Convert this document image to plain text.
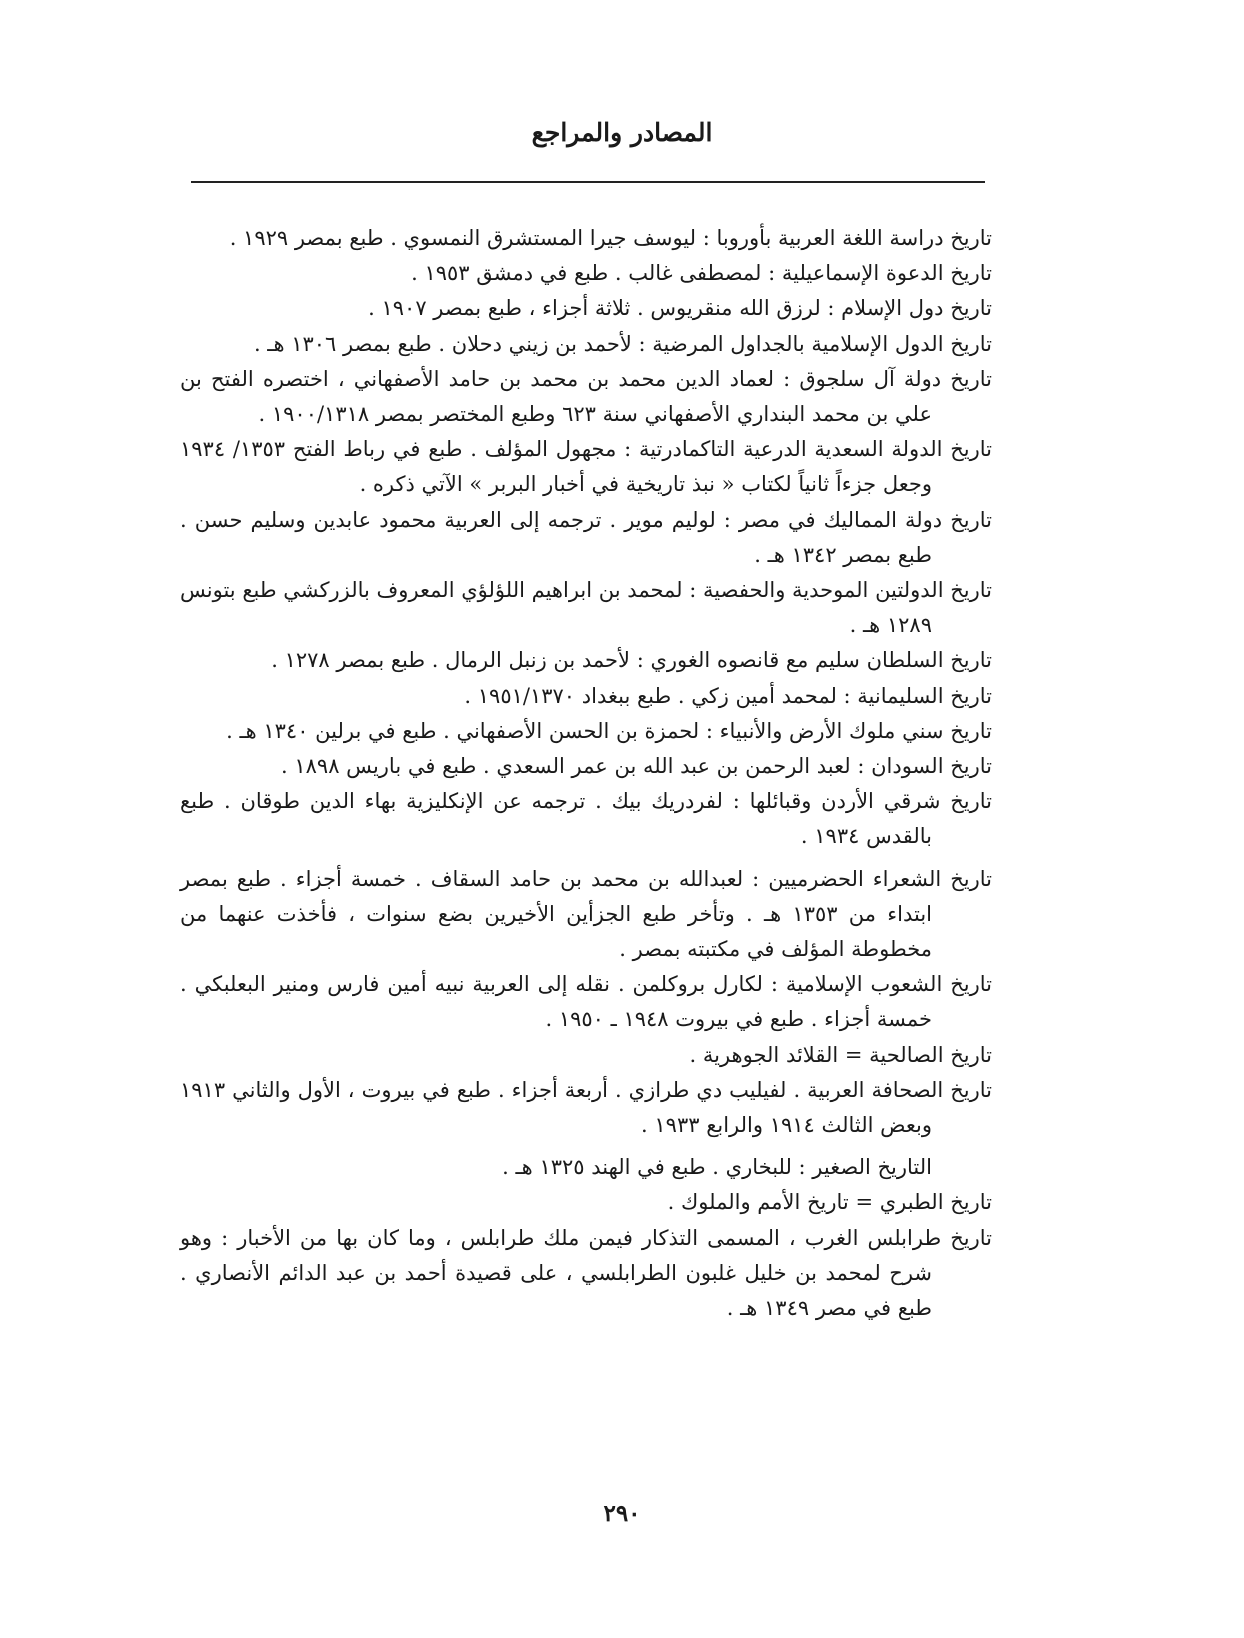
المصادر والمراجع
تاريخ دراسة اللغة العربية بأوروبا : ليوسف جيرا المستشرق النمسوي . طبع بمصر ١٩٢٩ .
تاريخ الدعوة الإسماعيلية : لمصطفى غالب . طبع في دمشق ١٩٥٣ .
تاريخ دول الإسلام : لرزق الله منقريوس . ثلاثة أجزاء ، طبع بمصر ١٩٠٧ .
تاريخ الدول الإسلامية بالجداول المرضية : لأحمد بن زيني دحلان . طبع بمصر ١٣٠٦ هـ .
تاريخ دولة آل سلجوق : لعماد الدين محمد بن محمد بن حامد الأصفهاني ، اختصره الفتح بن علي بن محمد البنداري الأصفهاني سنة ٦٢٣ وطبع المختصر بمصر ١٩٠٠/١٣١٨ .
تاريخ الدولة السعدية الدرعية التاكمادرتية : مجهول المؤلف . طبع في رباط الفتح ١٣٥٣/ ١٩٣٤ وجعل جزءاً ثانياً لكتاب « نبذ تاريخية في أخبار البربر » الآتي ذكره .
تاريخ دولة المماليك في مصر : لوليم موير . ترجمه إلى العربية محمود عابدين وسليم حسن . طبع بمصر ١٣٤٢ هـ .
تاريخ الدولتين الموحدية والحفصية : لمحمد بن ابراهيم اللؤلؤي المعروف بالزركشي طبع بتونس ١٢٨٩ هـ .
تاريخ السلطان سليم مع قانصوه الغوري : لأحمد بن زنبل الرمال . طبع بمصر ١٢٧٨ .
تاريخ السليمانية : لمحمد أمين زكي . طبع ببغداد ١٩٥١/١٣٧٠ .
تاريخ سني ملوك الأرض والأنبياء : لحمزة بن الحسن الأصفهاني . طبع في برلين ١٣٤٠ هـ .
تاريخ السودان : لعبد الرحمن بن عبد الله بن عمر السعدي . طبع في باريس ١٨٩٨ .
تاريخ شرقي الأردن وقبائلها : لفردريك بيك . ترجمه عن الإنكليزية بهاء الدين طوقان . طبع بالقدس ١٩٣٤ .
تاريخ الشعراء الحضرميين : لعبدالله بن محمد بن حامد السقاف . خمسة أجزاء . طبع بمصر ابتداء من ١٣٥٣ هـ . وتأخر طبع الجزأين الأخيرين بضع سنوات ، فأخذت عنهما من مخطوطة المؤلف في مكتبته بمصر .
تاريخ الشعوب الإسلامية : لكارل بروكلمن . نقله إلى العربية نبيه أمين فارس ومنير البعلبكي . خمسة أجزاء . طبع في بيروت ١٩٤٨ ـ ١٩٥٠ .
تاريخ الصالحية = القلائد الجوهرية .
تاريخ الصحافة العربية . لفيليب دي طرازي . أربعة أجزاء . طبع في بيروت ، الأول والثاني ١٩١٣ وبعض الثالث ١٩١٤ والرابع ١٩٣٣ .
التاريخ الصغير : للبخاري . طبع في الهند ١٣٢٥ هـ .
تاريخ الطبري = تاريخ الأمم والملوك .
تاريخ طرابلس الغرب ، المسمى التذكار فيمن ملك طرابلس ، وما كان بها من الأخبار : وهو شرح لمحمد بن خليل غلبون الطرابلسي ، على قصيدة أحمد بن عبد الدائم الأنصاري . طبع في مصر ١٣٤٩ هـ .
٢٩٠
